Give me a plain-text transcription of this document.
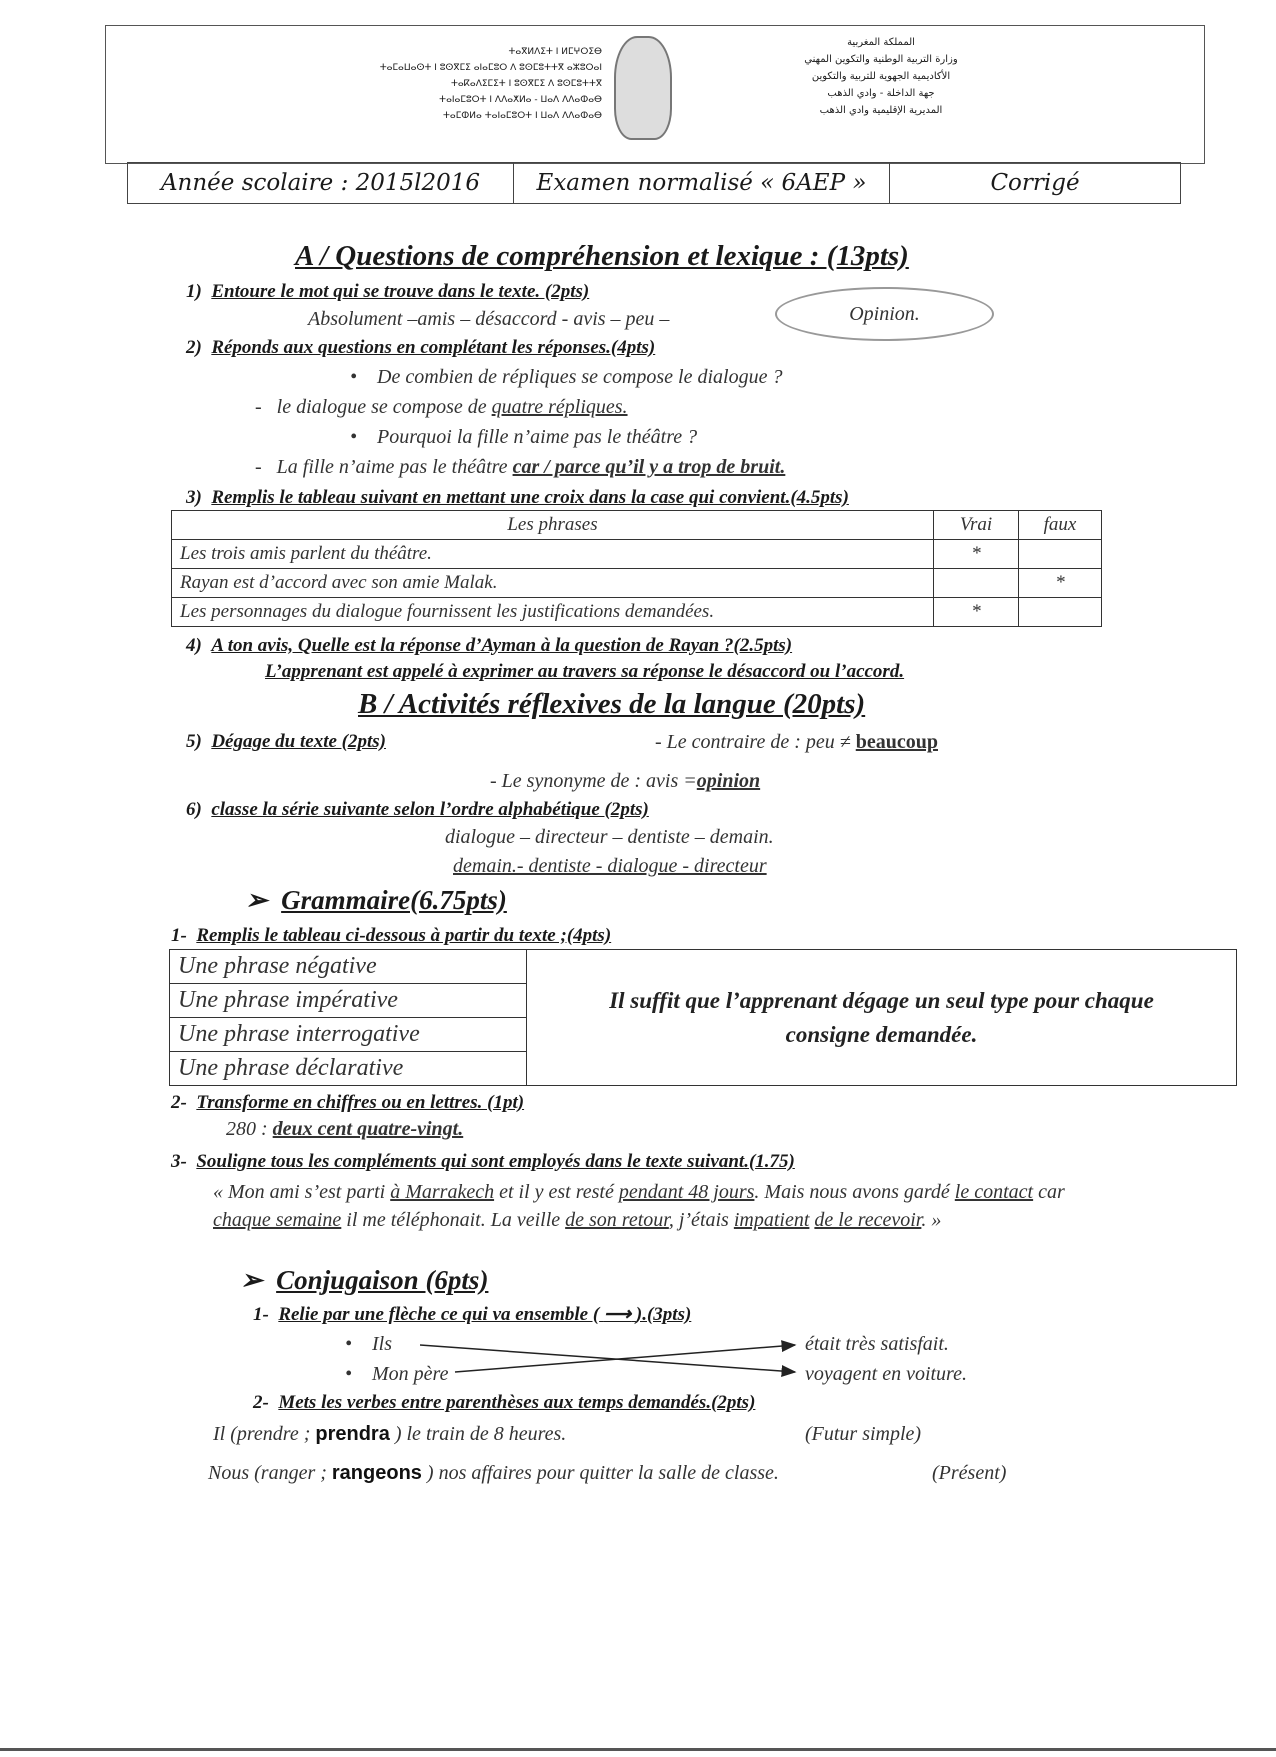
ⵜⴰⴳⵍⴷⵉⵜ ⵏ ⵍⵎⵖⵔⵉⴱ
ⵜⴰⵎⴰⵡⴰⵙⵜ ⵏ ⵓⵙⴳⵎⵉ ⴰⵏⴰⵎⵓⵔ ⴷ ⵓⵙⵎⵓⵜⵜⴳ ⴰⵣⵓⵔⴰⵏ
ⵜⴰⴽⴰⴷⵉⵎⵉⵜ ⵏ ⵓⵙⴳⵎⵉ ⴷ ⵓⵙⵎⵓⵜⵜⴳ
ⵜⴰⵏⴰⵎⵓⵔⵜ ⵏ ⴷⴷⴰⵅⵍⴰ - ⵡⴰⴷ ⴷⴷⴰⵀⴰⴱ
ⵜⴰⵎⵀⵍⴰ ⵜⴰⵏⴰⵎⵓⵔⵜ ⵏ ⵡⴰⴷ ⴷⴷⴰⵀⴰⴱ
المملكة المغربية
وزارة التربية الوطنية والتكوين المهني
الأكاديمية الجهوية للتربية والتكوين
جهة الداخلة - وادي الذهب
المديرية الإقليمية وادي الذهب
Année scolaire : 2015l2016	Examen normalisé « 6AEP »	Corrigé
A / Questions de compréhension et lexique : (13pts)
1) Entoure le mot qui se trouve dans le texte. (2pts)
Absolument –amis – désaccord - avis – peu –	Opinion.
2) Réponds aux questions en complétant les réponses.(4pts)
•    De combien de répliques se compose le dialogue ?
-   le dialogue se compose de quatre répliques.
•    Pourquoi la fille n’aime pas le théâtre ?
-   La fille n’aime pas le théâtre car / parce qu’il y a trop de bruit.
3) Remplis le tableau suivant en mettant une croix dans la case qui convient.(4.5pts)
Les phrases	Vrai	faux
Les trois amis parlent du théâtre.	*	
Rayan est d’accord avec son amie Malak.		*
Les personnages du dialogue fournissent les justifications demandées.	*	
4) A ton avis, Quelle est la réponse d’Ayman à la question de Rayan ?(2.5pts)
L’apprenant est appelé à exprimer au travers sa réponse le désaccord ou l’accord.
B / Activités réflexives de la langue (20pts)
5) Dégage du texte (2pts)	- Le contraire de : peu ≠ beaucoup
- Le synonyme de : avis =opinion
6) classe la série suivante selon l’ordre alphabétique (2pts)
dialogue – directeur – dentiste – demain.
demain.- dentiste - dialogue - directeur
➢ Grammaire(6.75pts)
1- Remplis le tableau ci-dessous à partir du texte ;(4pts)
Une phrase négative	Il suffit que l’apprenant dégage un seul type pour chaque consigne demandée.
Une phrase impérative
Une phrase interrogative
Une phrase déclarative
2- Transforme en chiffres ou en lettres. (1pt)
280 : deux cent quatre-vingt.
3- Souligne tous les compléments qui sont employés dans le texte suivant.(1.75)
« Mon ami s’est parti à Marrakech et il y est resté pendant 48 jours. Mais nous avons gardé le contact car chaque semaine il me téléphonait. La veille de son retour, j’étais impatient de le recevoir. »
➢ Conjugaison (6pts)
1- Relie par une flèche ce qui va ensemble ( ⟶ ).(3pts)
•    Ils
•    Mon père
était très satisfait.
voyagent en voiture.
2- Mets les verbes entre parenthèses aux temps demandés.(2pts)
Il (prendre ; prendra ) le train de 8 heures.	(Futur simple)
Nous (ranger ; rangeons ) nos affaires pour quitter la salle de classe.	(Présent)
